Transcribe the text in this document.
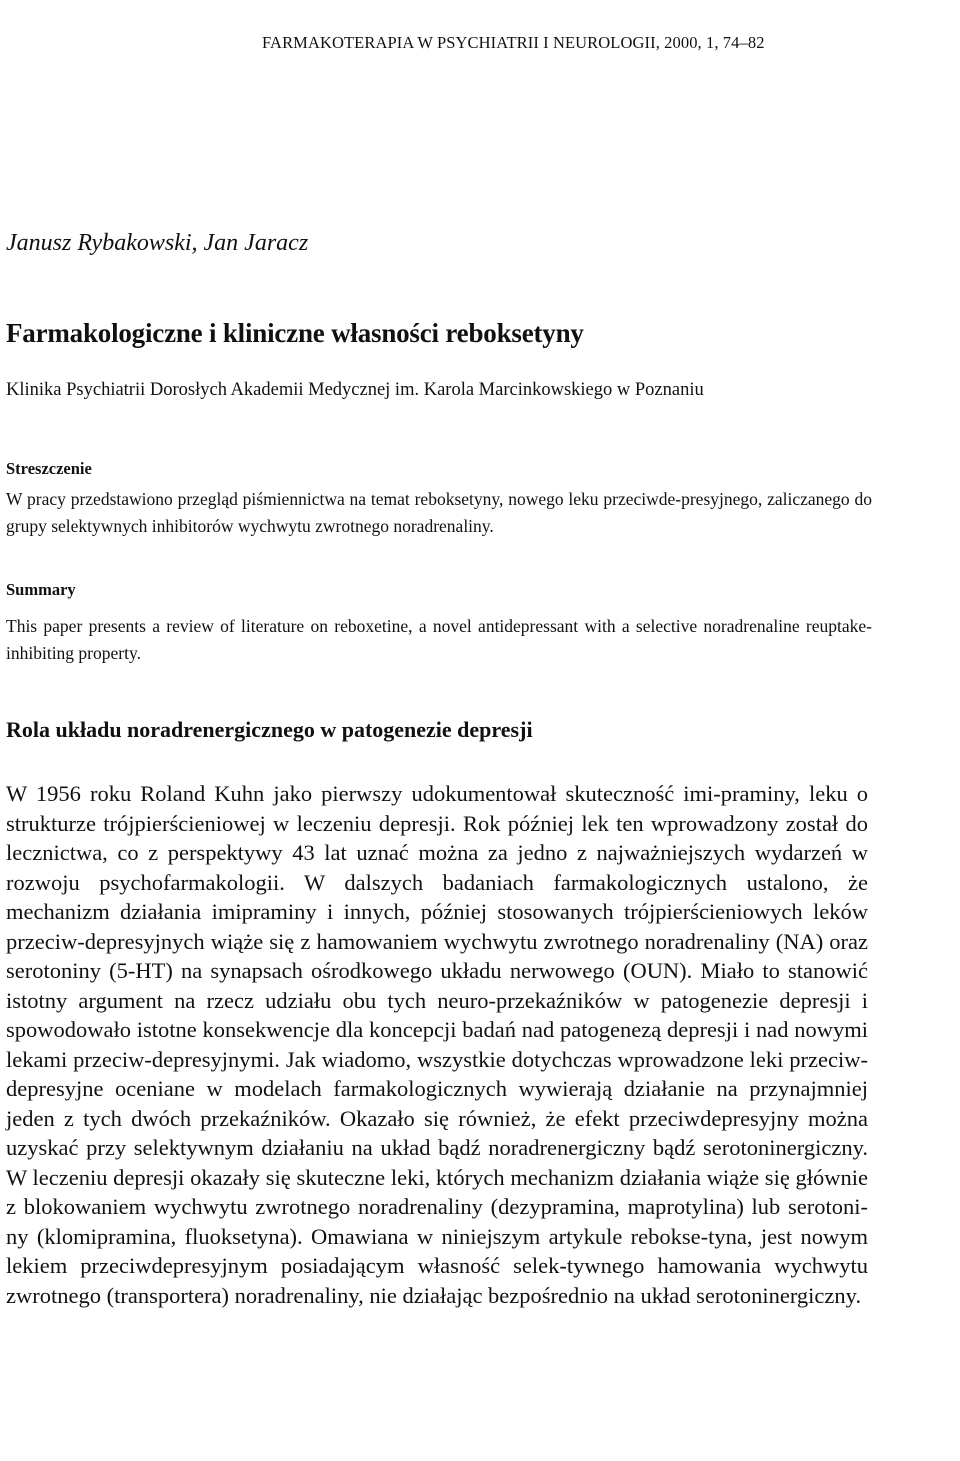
FARMAKOTERAPIA W PSYCHIATRII I NEUROLOGII, 2000, 1, 74–82
Janusz Rybakowski, Jan Jaracz
Farmakologiczne i kliniczne własności reboksetyny
Klinika Psychiatrii Dorosłych Akademii Medycznej im. Karola Marcinkowskiego w Poznaniu
Streszczenie
W pracy przedstawiono przegląd piśmiennictwa na temat reboksetyny, nowego leku przeciwde-presyjnego, zaliczanego do grupy selektywnych inhibitorów wychwytu zwrotnego noradrenaliny.
Summary
This paper presents a review of literature on reboxetine, a novel antidepressant with a selective noradrenaline reuptake-inhibiting property.
Rola układu noradrenergicznego w patogenezie depresji
W 1956 roku Roland Kuhn jako pierwszy udokumentował skuteczność imi-praminy, leku o strukturze trójpierścieniowej w leczeniu depresji. Rok później lek ten wprowadzony został do lecznictwa, co z perspektywy 43 lat uznać można za jedno z najważniejszych wydarzeń w rozwoju psychofarmakologii. W dalszych badaniach farmakologicznych ustalono, że mechanizm działania imipraminy i innych, później stosowanych trójpierścieniowych leków przeciw-depresyjnych wiąże się z hamowaniem wychwytu zwrotnego noradrenaliny (NA) oraz serotoniny (5-HT) na synapsach ośrodkowego układu nerwowego (OUN). Miało to stanowić istotny argument na rzecz udziału obu tych neuro-przekaźników w patogenezie depresji i spowodowało istotne konsekwencje dla koncepcji badań nad patogenezą depresji i nad nowymi lekami przeciw-depresyjnymi. Jak wiadomo, wszystkie dotychczas wprowadzone leki przeciw-depresyjne oceniane w modelach farmakologicznych wywierają działanie na przynajmniej jeden z tych dwóch przekaźników. Okazało się również, że efekt przeciwdepresyjny można uzyskać przy selektywnym działaniu na układ bądź noradrenergiczny bądź serotoninergiczny. W leczeniu depresji okazały się skuteczne leki, których mechanizm działania wiąże się głównie z blokowaniem wychwytu zwrotnego noradrenaliny (dezypramina, maprotylina) lub serotoni-ny (klomipramina, fluoksetyna). Omawiana w niniejszym artykule rebokse-tyna, jest nowym lekiem przeciwdepresyjnym posiadającym własność selek-tywnego hamowania wychwytu zwrotnego (transportera) noradrenaliny, nie działając bezpośrednio na układ serotoninergiczny.
